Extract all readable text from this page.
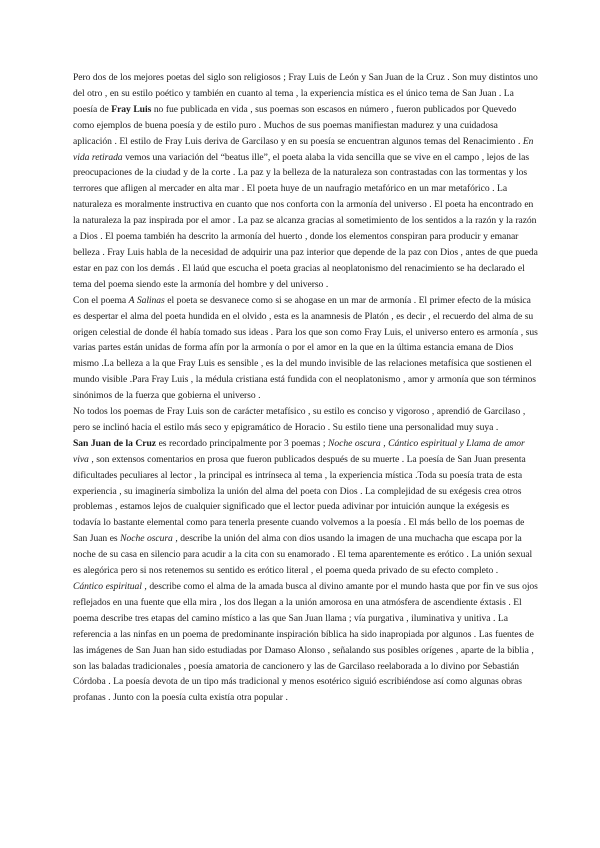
Pero dos de los mejores poetas del siglo son religiosos ; Fray Luis de León y San Juan de la Cruz . Son muy distintos uno del otro , en su estilo poético y también en cuanto al tema , la experiencia mística es el único tema de San Juan . La poesía de Fray Luis no fue publicada en vida , sus poemas son escasos en número , fueron publicados por Quevedo como ejemplos de buena poesía y de estilo puro . Muchos de sus poemas manifiestan madurez y una cuidadosa aplicación . El estilo de Fray Luis deriva de Garcilaso y en su poesía se encuentran algunos temas del Renacimiento . En vida retirada vemos una variación del “beatus ille”, el poeta alaba la vida sencilla que se vive en el campo , lejos de las preocupaciones de la ciudad y de la corte . La paz y la belleza de la naturaleza son contrastadas con las tormentas y los terrores que afligen al mercader en alta mar . El poeta huye de un naufragio metafórico en un mar metafórico . La naturaleza es moralmente instructiva en cuanto que nos conforta con la armonía del universo . El poeta ha encontrado en la naturaleza la paz inspirada por el amor . La paz se alcanza gracias al sometimiento de los sentidos a la razón y la razón a Dios . El poema también ha descrito la armonía del huerto , donde los elementos conspiran para producir y emanar belleza . Fray Luis habla de la necesidad de adquirir una paz interior que depende de la paz con Dios , antes de que pueda estar en paz con los demás . El laúd que escucha el poeta gracias al neoplatonismo del renacimiento se ha declarado el tema del poema siendo este la armonía del hombre y del universo .

Con el poema A Salinas el poeta se desvanece como si se ahogase en un mar de armonía . El primer efecto de la música es despertar el alma del poeta hundida en el olvido , esta es la anamnesis de Platón , es decir , el recuerdo del alma de su origen celestial de donde él había tomado sus ideas . Para los que son como Fray Luis, el universo entero es armonía , sus varias partes están unidas de forma afín por la armonía o por el amor en la que en la última estancia emana de Dios mismo .La belleza a la que Fray Luis es sensible , es la del mundo invisible de las relaciones metafísica que sostienen el mundo visible .Para Fray Luis , la médula cristiana está fundida con el neoplatonismo , amor y armonía que son términos sinónimos de la fuerza que gobierna el universo .

No todos los poemas de Fray Luis son de carácter metafísico , su estilo es conciso y vigoroso , aprendió de Garcilaso , pero se inclinó hacia el estilo más seco y epigramático de Horacio . Su estilo tiene una personalidad muy suya .

San Juan de la Cruz es recordado principalmente por 3 poemas ; Noche oscura , Cántico espiritual y Llama de amor viva , son extensos comentarios en prosa que fueron publicados después de su muerte . La poesía de San Juan presenta dificultades peculiares al lector , la principal es intrínseca al tema , la experiencia mística .Toda su poesía trata de esta experiencia , su imaginería simboliza la unión del alma del poeta con Dios . La complejidad de su exégesis crea otros problemas , estamos lejos de cualquier significado que el lector pueda adivinar por intuición aunque la exégesis es todavía lo bastante elemental como para tenerla presente cuando volvemos a la poesía . El más bello de los poemas de San Juan es Noche oscura , describe la unión del alma con dios usando la imagen de una muchacha que escapa por la noche de su casa en silencio para acudir a la cita con su enamorado . El tema aparentemente es erótico . La unión sexual es alegórica pero si nos retenemos su sentido es erótico literal , el poema queda privado de su efecto completo .

Cántico espiritual , describe como el alma de la amada busca al divino amante por el mundo hasta que por fin ve sus ojos reflejados en una fuente que ella mira , los dos llegan a la unión amorosa en una atmósfera de ascendiente éxtasis . El poema describe tres etapas del camino místico a las que San Juan llama ; vía purgativa , iluminativa y unitiva . La referencia a las ninfas en un poema de predominante inspiración bíblica ha sido inapropiada por algunos . Las fuentes de las imágenes de San Juan han sido estudiadas por Damaso Alonso , señalando sus posibles orígenes , aparte de la biblia , son las baladas tradicionales , poesía amatoria de cancionero y las de Garcilaso reelaborada a lo divino por Sebastián Córdoba . La poesía devota de un tipo más tradicional y menos esotérico siguió escribiéndose así como algunas obras profanas . Junto con la poesía culta existía otra popular .
